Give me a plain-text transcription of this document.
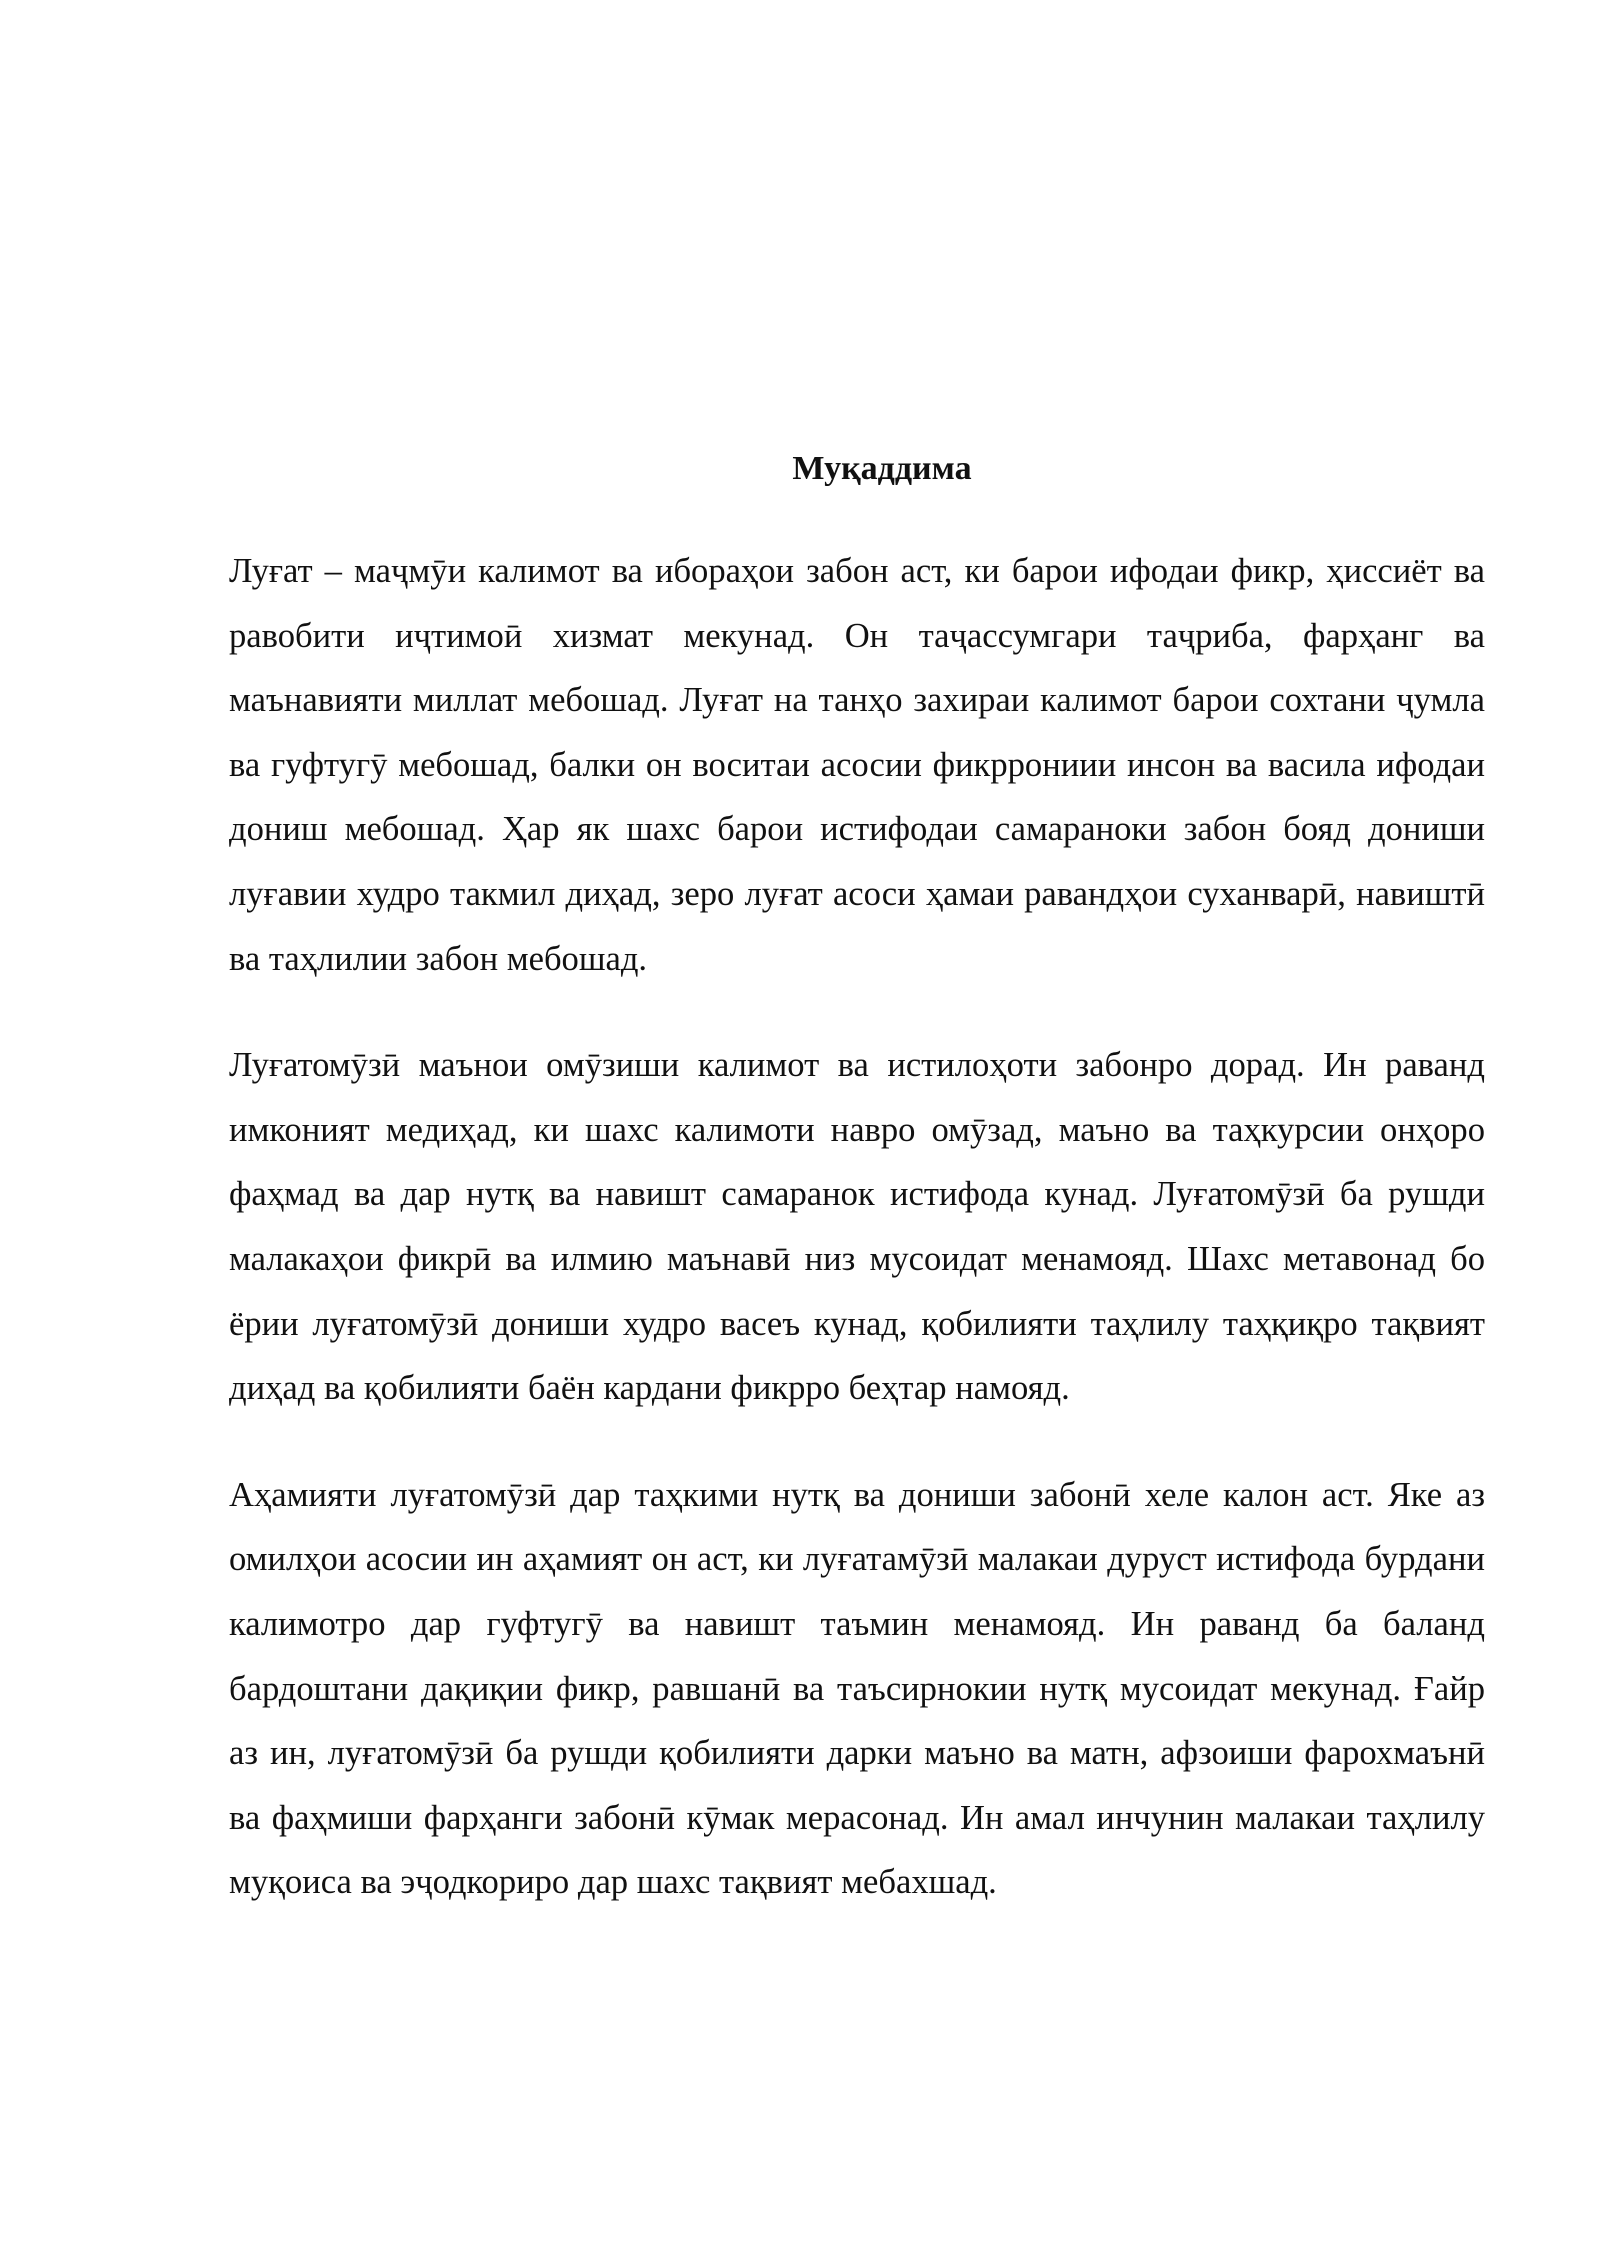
Муқаддима

Луғат – маҷмӯи калимот ва ибораҳои забон аст, ки барои ифодаи фикр, ҳиссиёт ва равобити иҷтимоӣ хизмат мекунад. Он таҷассумгари таҷриба, фарҳанг ва маънавияти миллат мебошад. Луғат на танҳо захираи калимот барои сохтани ҷумла ва гуфтугӯ мебошад, балки он воситаи асосии фикррониии инсон ва васила ифодаи дониш мебошад. Ҳар як шахс барои истифодаи самараноки забон бояд дониши луғавии худро такмил диҳад, зеро луғат асоси ҳамаи равандҳои суханварӣ, навиштӣ ва таҳлилии забон мебошад.

Луғатомӯзӣ маънои омӯзиши калимот ва истилоҳоти забонро дорад. Ин раванд имконият медиҳад, ки шахс калимоти навро омӯзад, маъно ва таҳкурсии онҳоро фаҳмад ва дар нутқ ва навишт самаранок истифода кунад. Луғатомӯзӣ ба рушди малакаҳои фикрӣ ва илмию маънавӣ низ мусоидат менамояд. Шахс метавонад бо ёрии луғатомӯзӣ дониши худро васеъ кунад, қобилияти таҳлилу таҳқиқро тақвият диҳад ва қобилияти баён кардани фикрро беҳтар намояд.

Аҳамияти луғатомӯзӣ дар таҳкими нутқ ва дониши забонӣ хеле калон аст. Яке аз омилҳои асосии ин аҳамият он аст, ки луғатамӯзӣ малакаи дуруст истифода бурдани калимотро дар гуфтугӯ ва навишт таъмин менамояд. Ин раванд ба баланд бардоштани дақиқии фикр, равшанӣ ва таъсирнокии нутқ мусоидат мекунад. Ғайр аз ин, луғатомӯзӣ ба рушди қобилияти дарки маъно ва матн, афзоиши фарохмаънӣ ва фаҳмиши фарҳанги забонӣ кӯмак мерасонад. Ин амал инчунин малакаи таҳлилу муқоиса ва эҷодкориро дар шахс тақвият мебахшад.
